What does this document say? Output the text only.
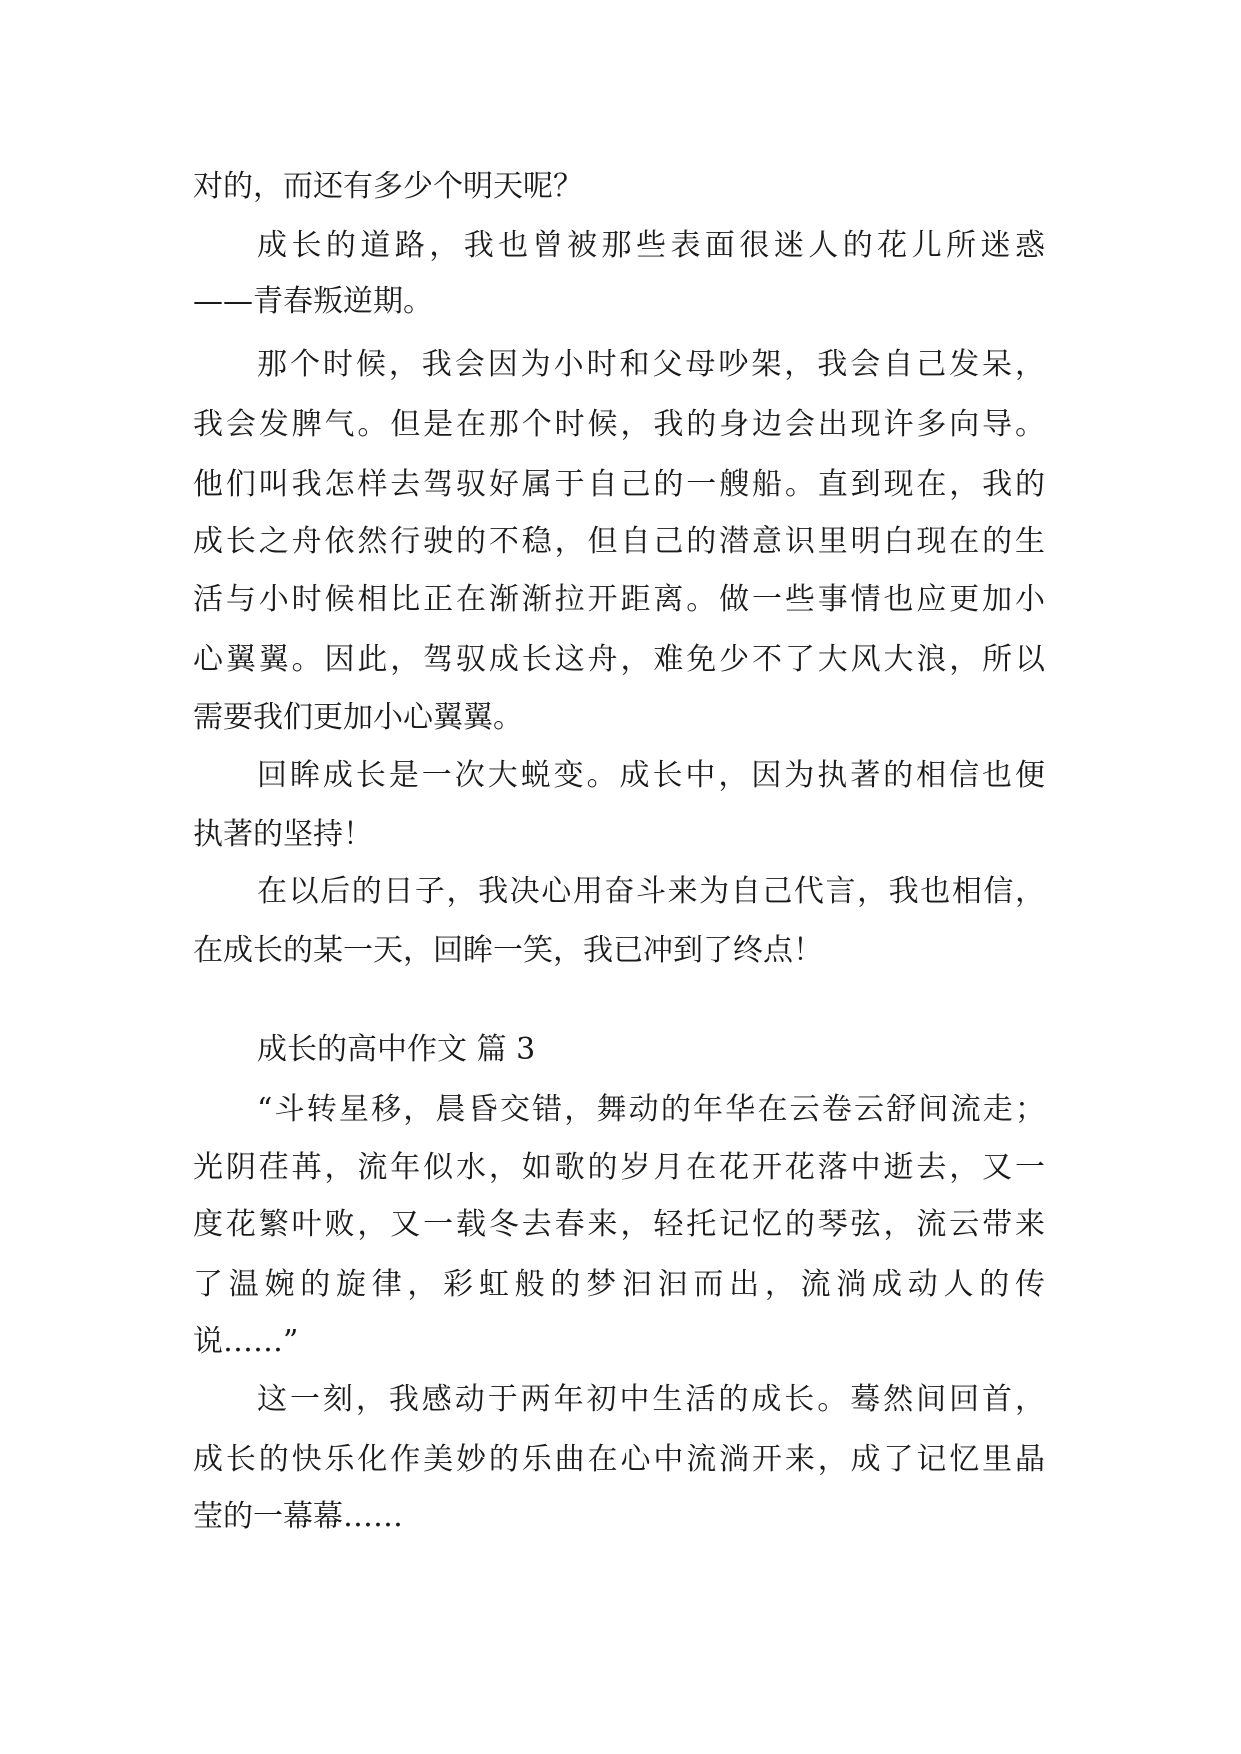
对的，而还有多少个明天呢？
成长的道路，我也曾被那些表面很迷人的花儿所迷惑
——青春叛逆期。
那个时候，我会因为小时和父母吵架，我会自己发呆，
我会发脾气。但是在那个时候，我的身边会出现许多向导。
他们叫我怎样去驾驭好属于自己的一艘船。直到现在，我的
成长之舟依然行驶的不稳，但自己的潜意识里明白现在的生
活与小时候相比正在渐渐拉开距离。做一些事情也应更加小
心翼翼。因此，驾驭成长这舟，难免少不了大风大浪，所以
需要我们更加小心翼翼。
回眸成长是一次大蜕变。成长中，因为执著的相信也便
执著的坚持！
在以后的日子，我决心用奋斗来为自己代言，我也相信，
在成长的某一天，回眸一笑，我已冲到了终点！
成长的高中作文 篇 3
“斗转星移，晨昏交错，舞动的年华在云卷云舒间流走；
光阴荏苒，流年似水，如歌的岁月在花开花落中逝去，又一
度花繁叶败，又一载冬去春来，轻托记忆的琴弦，流云带来
了温婉的旋律，彩虹般的梦汩汩而出，流淌成动人的传
说……”
这一刻，我感动于两年初中生活的成长。蓦然间回首，
成长的快乐化作美妙的乐曲在心中流淌开来，成了记忆里晶
莹的一幕幕……
